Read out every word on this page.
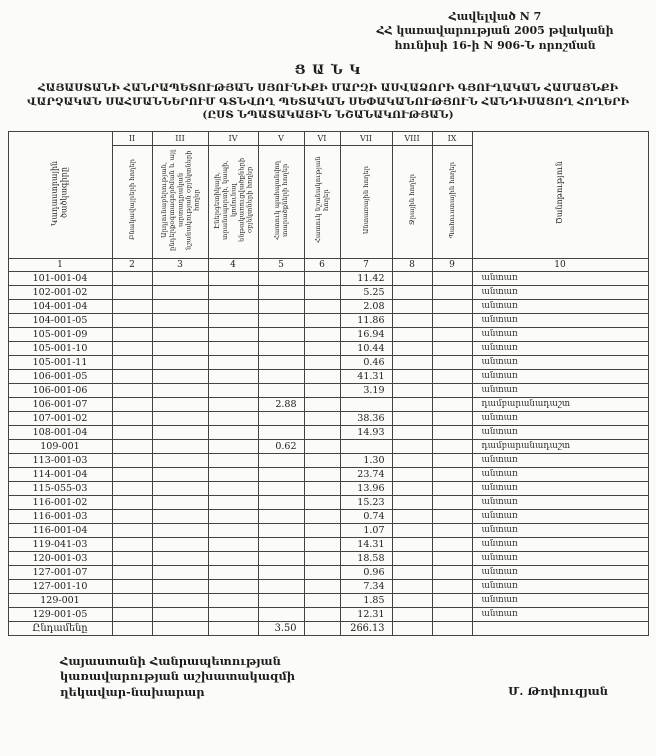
Հավելված N 7
ՀՀ կառավարության 2005 թվականի
հունիսի 16-ի N 906-Ն որոշման
Ց Ա Ն Կ
ՀԱՅԱՍՏԱՆԻ ՀԱՆՐԱՊԵՏՈՒԹՅԱՆ ՍՅՈՒՆԻՔԻ ՄԱՐԶԻ ԱՍՎԱՁՈՐԻ ԳՅՈՒՂԱԿԱՆ ՀԱՄԱՅՆՔԻ
ՎԱՐՉԱԿԱՆ ՍԱՀՄԱՆՆԵՐՈՒՄ ԳՏՆՎՈՂ ՊԵՏԱԿԱՆ ՍԵՓԱԿԱՆՈՒԹՅՈՒՆ ՀԱՆԴԻՍԱՑՈՂ ՀՈՂԵՐԻ
(ԸՍՏ ՆՊԱՏԱԿԱՅԻՆ ՆՇԱՆԱԿՈՒԹՅԱՆ)
Կադաստրային ծածկագիրը	II	III	IV	V	VI	VII	VIII	IX	Ծանոթություն
	Բնակավայրերի հողեր	Արդյունաբերության, ընդերքօգտագործման և այլ արտադրական նշանակության օբյեկտների հողեր	Էներգետիկայի, տրանսպորտի, կապի, կոմունալ ենթակառուցվածքների օբյեկտների հողեր	Հատուկ պահպանվող տարածքների հողեր	Հատուկ նշանակության հողեր	Անտառային հողեր	Ջրային հողեր	Պահուստային հողեր	
1	2	3	4	5	6	7	8	9	10
101-001-04						11.42			անտառ
102-001-02						5.25			անտառ
104-001-04						2.08			անտառ
104-001-05						11.86			անտառ
105-001-09						16.94			անտառ
105-001-10						10.44			անտառ
105-001-11						0.46			անտառ
106-001-05						41.31			անտառ
106-001-06						3.19			անտառ
106-001-07				2.88					դամբարանադաշտ
107-001-02						38.36			անտառ
108-001-04						14.93			անտառ
109-001				0.62					դամբարանադաշտ
113-001-03						1.30			անտառ
114-001-04						23.74			անտառ
115-055-03						13.96			անտառ
116-001-02						15.23			անտառ
116-001-03						0.74			անտառ
116-001-04						1.07			անտառ
119-041-03						14.31			անտառ
120-001-03						18.58			անտառ
127-001-07						0.96			անտառ
127-001-10						7.34			անտառ
129-001						1.85			անտառ
129-001-05						12.31			անտառ
Ընդամենը				3.50		266.13			
Հայաստանի Հանրապետության
կառավարության աշխատակազմի
ղեկավար-նախարար	Մ. Թոփուզյան
